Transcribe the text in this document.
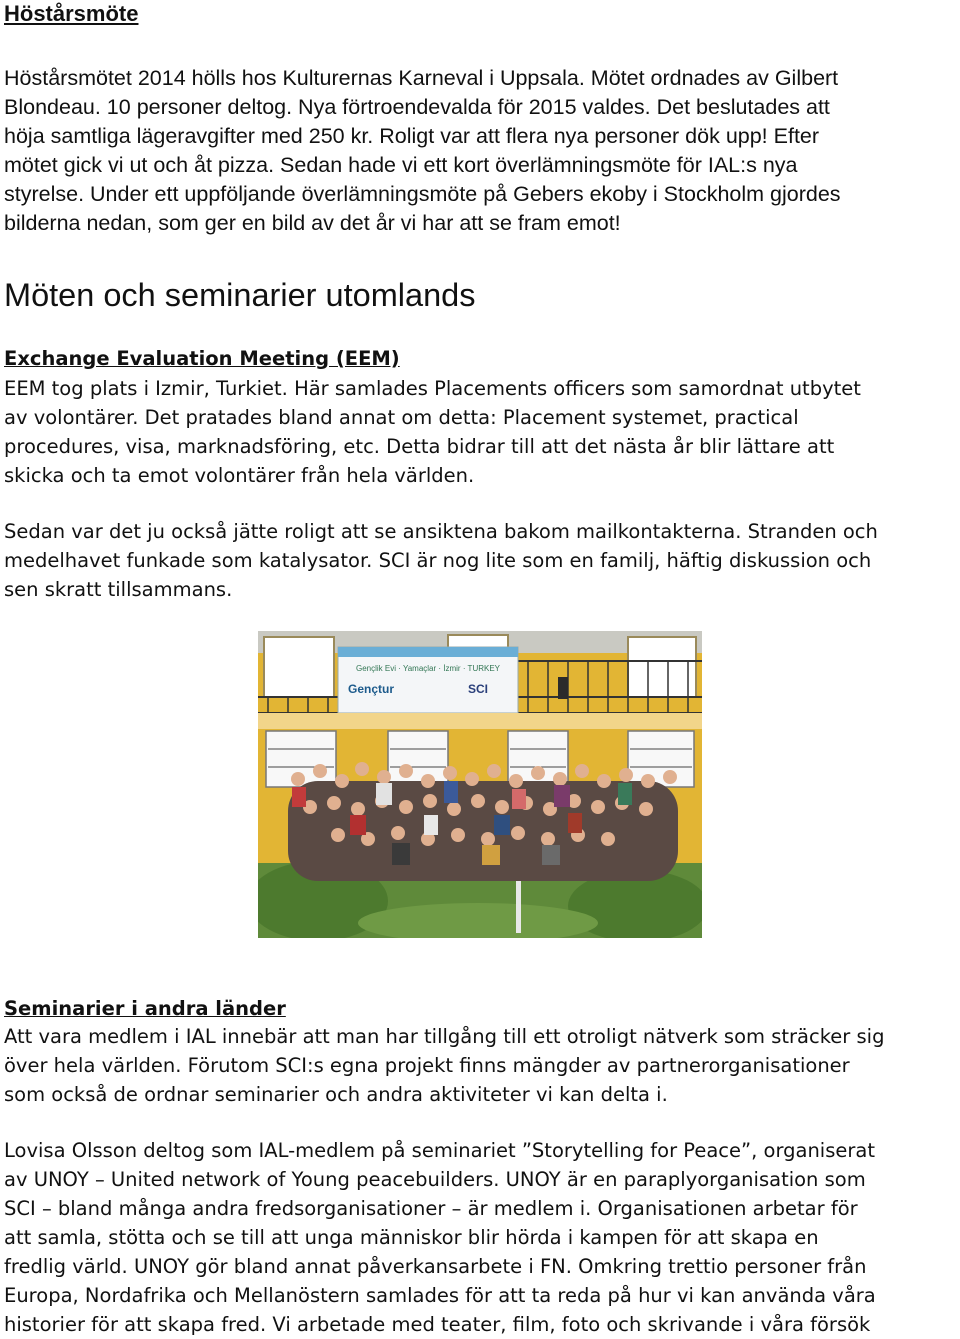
Höstårsmöte
Höstårsmötet 2014 hölls hos Kulturernas Karneval i Uppsala. Mötet ordnades av Gilbert
Blondeau. 10 personer deltog. Nya förtroendevalda för 2015 valdes. Det beslutades att
höja samtliga lägeravgifter med 250 kr. Roligt var att flera nya personer dök upp! Efter
mötet gick vi ut och åt pizza. Sedan hade vi ett kort överlämningsmöte för IAL:s nya
styrelse. Under ett uppföljande överlämningsmöte på Gebers ekoby i Stockholm gjordes
bilderna nedan, som ger en bild av det år vi har att se fram emot!
Möten och seminarier utomlands
Exchange Evaluation Meeting (EEM)
EEM tog plats i Izmir, Turkiet. Här samlades Placements officers som samordnat utbytet
av volontärer. Det pratades bland annat om detta: Placement systemet, practical
procedures, visa, marknadsföring, etc. Detta bidrar till att det nästa år blir lättare att
skicka och ta emot volontärer från hela världen.
Sedan var det ju också jätte roligt att se ansiktena bakom mailkontakterna. Stranden och
medelhavet funkade som katalysator. SCI är nog lite som en familj, häftig diskussion och
sen skratt tillsammans.
Gençlik Evi · Yamaçlar · İzmir · TURKEY
Gençtur	SCI
Seminarier i andra länder
Att vara medlem i IAL innebär att man har tillgång till ett otroligt nätverk som sträcker sig
över hela världen. Förutom SCI:s egna projekt finns mängder av partnerorganisationer
som också de ordnar seminarier och andra aktiviteter vi kan delta i.
Lovisa Olsson deltog som IAL-medlem på seminariet ”Storytelling for Peace”, organiserat
av UNOY – United network of Young peacebuilders. UNOY är en paraplyorganisation som
SCI – bland många andra fredsorganisationer – är medlem i. Organisationen arbetar för
att samla, stötta och se till att unga människor blir hörda i kampen för att skapa en
fredlig värld. UNOY gör bland annat påverkansarbete i FN. Omkring trettio personer från
Europa, Nordafrika och Mellanöstern samlades för att ta reda på hur vi kan använda våra
historier för att skapa fred. Vi arbetade med teater, film, foto och skrivande i våra försök
